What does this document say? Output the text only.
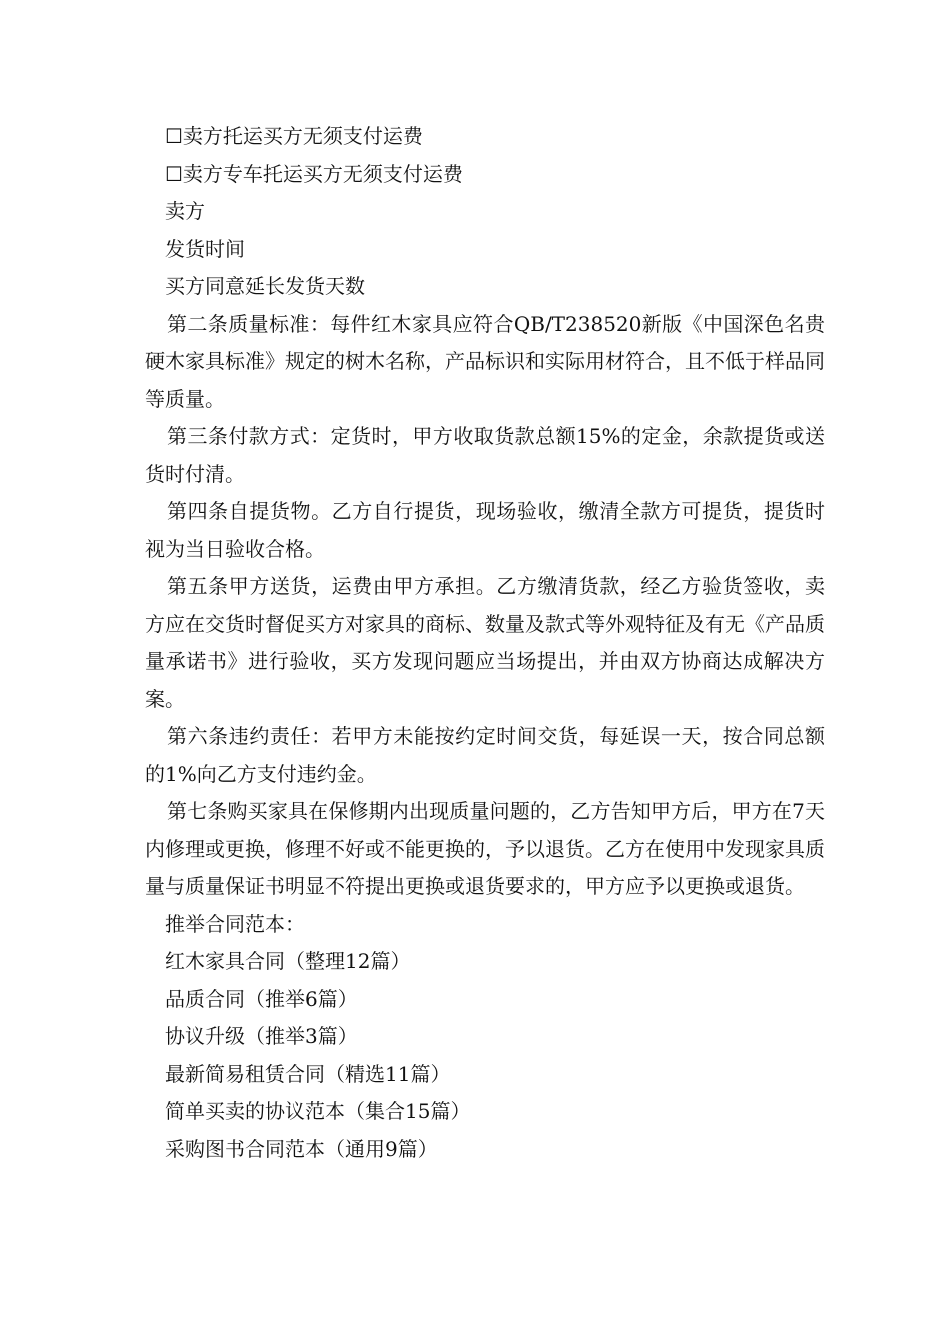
☐卖方托运买方无须支付运费
☐卖方专车托运买方无须支付运费
卖方
发货时间
买方同意延长发货天数

第二条质量标准：每件红木家具应符合QB/T238520新版《中国深色名贵硬木家具标准》规定的树木名称，产品标识和实际用材符合，且不低于样品同等质量。

第三条付款方式：定货时，甲方收取货款总额15%的定金，余款提货或送货时付清。

第四条自提货物。乙方自行提货，现场验收，缴清全款方可提货，提货时视为当日验收合格。

第五条甲方送货，运费由甲方承担。乙方缴清货款，经乙方验货签收，卖方应在交货时督促买方对家具的商标、数量及款式等外观特征及有无《产品质量承诺书》进行验收，买方发现问题应当场提出，并由双方协商达成解决方案。

第六条违约责任：若甲方未能按约定时间交货，每延误一天，按合同总额的1%向乙方支付违约金。

第七条购买家具在保修期内出现质量问题的，乙方告知甲方后，甲方在7天内修理或更换，修理不好或不能更换的，予以退货。乙方在使用中发现家具质量与质量保证书明显不符提出更换或退货要求的，甲方应予以更换或退货。

推举合同范本：
红木家具合同（整理12篇）
品质合同（推举6篇）
协议升级（推举3篇）
最新简易租赁合同（精选11篇）
简单买卖的协议范本（集合15篇）
采购图书合同范本（通用9篇）
